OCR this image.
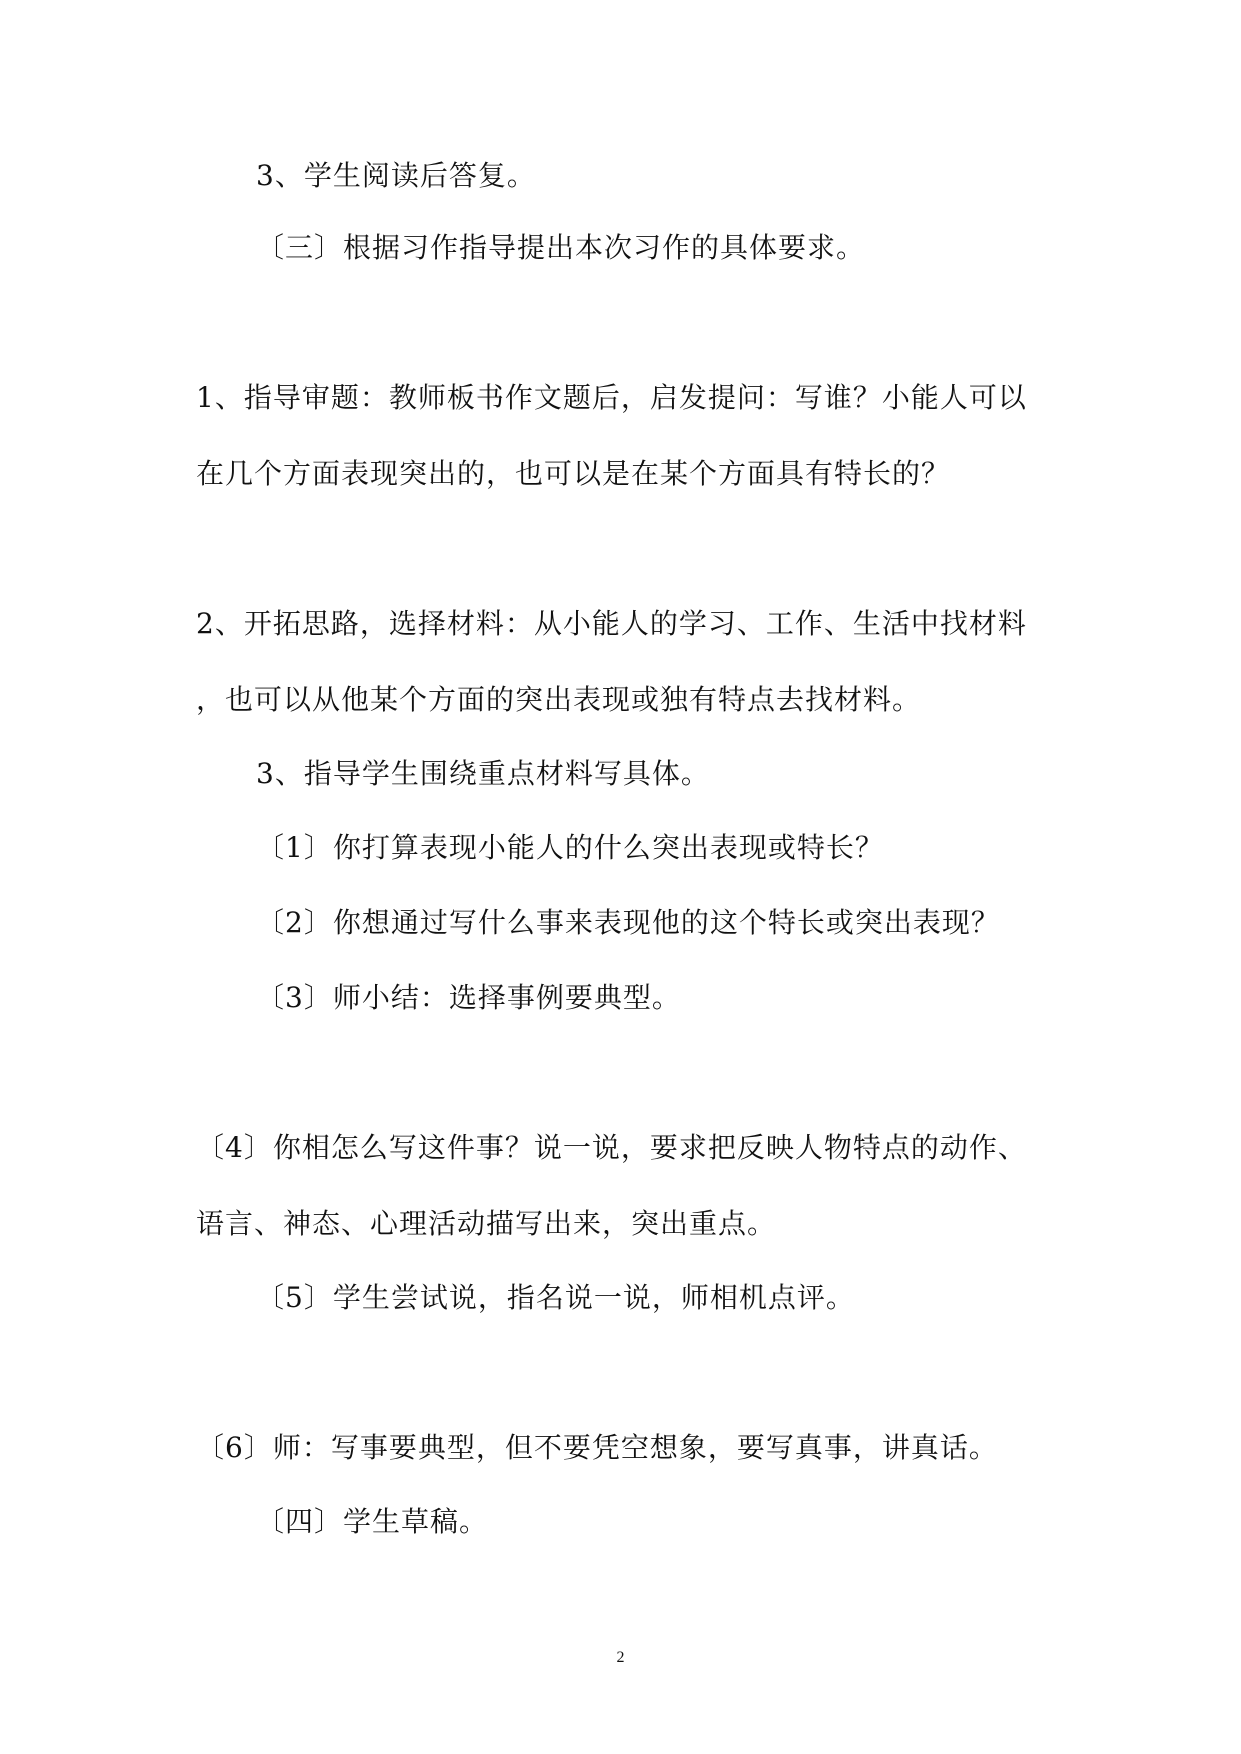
3、学生阅读后答复。
〔三〕根据习作指导提出本次习作的具体要求。
1、指导审题：教师板书作文题后，启发提问：写谁？小能人可以
在几个方面表现突出的，也可以是在某个方面具有特长的？
2、开拓思路，选择材料：从小能人的学习、工作、生活中找材料
，也可以从他某个方面的突出表现或独有特点去找材料。
3、指导学生围绕重点材料写具体。
〔1〕你打算表现小能人的什么突出表现或特长？
〔2〕你想通过写什么事来表现他的这个特长或突出表现？
〔3〕师小结：选择事例要典型。
〔4〕你相怎么写这件事？说一说，要求把反映人物特点的动作、
语言、神态、心理活动描写出来，突出重点。
〔5〕学生尝试说，指名说一说，师相机点评。
〔6〕师：写事要典型，但不要凭空想象，要写真事，讲真话。
〔四〕学生草稿。
2
